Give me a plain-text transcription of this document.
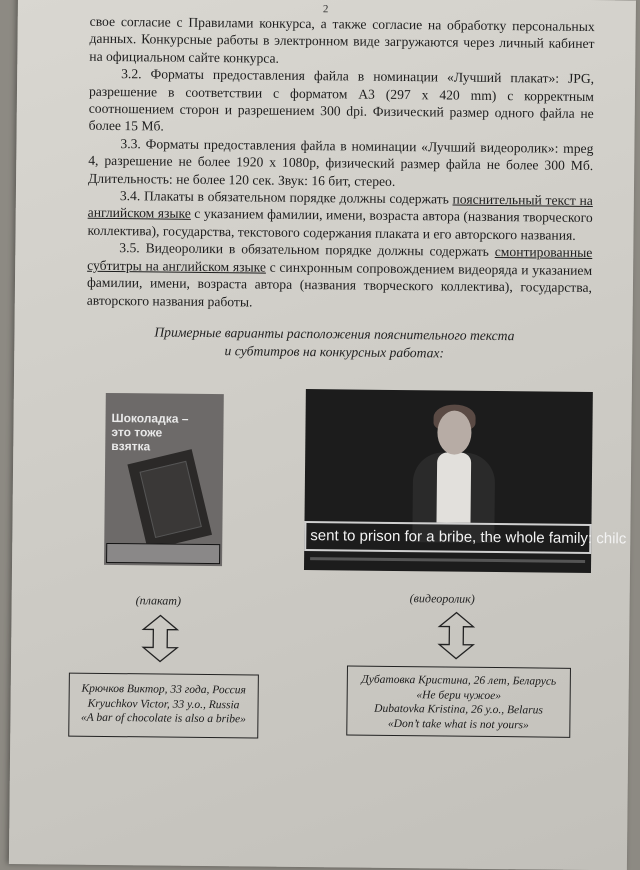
2

свое согласие с Правилами конкурса, а также согласие на обработку персональных данных. Конкурсные работы в электронном виде загружаются через личный кабинет на официальном сайте конкурса.

3.2. Форматы предоставления файла в номинации «Лучший плакат»: JPG, разрешение в соответствии с форматом А3 (297 х 420 mm) с корректным соотношением сторон и разрешением 300 dpi. Физический размер одного файла не более 15 Мб.

3.3. Форматы предоставления файла в номинации «Лучший видеоролик»: mpeg 4, разрешение не более 1920 х 1080р, физический размер файла не более 300 Мб. Длительность: не более 120 сек. Звук: 16 бит, стерео.

3.4. Плакаты в обязательном порядке должны содержать пояснительный текст на английском языке с указанием фамилии, имени, возраста автора (названия творческого коллектива), государства, текстового содержания плаката и его авторского названия.

3.5. Видеоролики в обязательном порядке должны содержать смонтированные субтитры на английском языке с синхронным сопровождением видеоряда и указанием фамилии, имени, возраста автора (названия творческого коллектива), государства, авторского названия работы.

Примерные варианты расположения пояснительного текста
и субтитров на конкурсных работах:
Шоколадка –
это тоже
взятка
sent to prison for a bribe, the whole family: chilc
(плакат)	(видеоролик)
Крючков Виктор, 33 года, Россия
Kryuchkov Victor, 33 y.o., Russia
«A bar of chocolate is also a bribe»
Дубатовка Кристина, 26 лет, Беларусь
«Не бери чужое»
Dubatovka Kristina, 26 y.o., Belarus
«Don’t take what is not yours»
